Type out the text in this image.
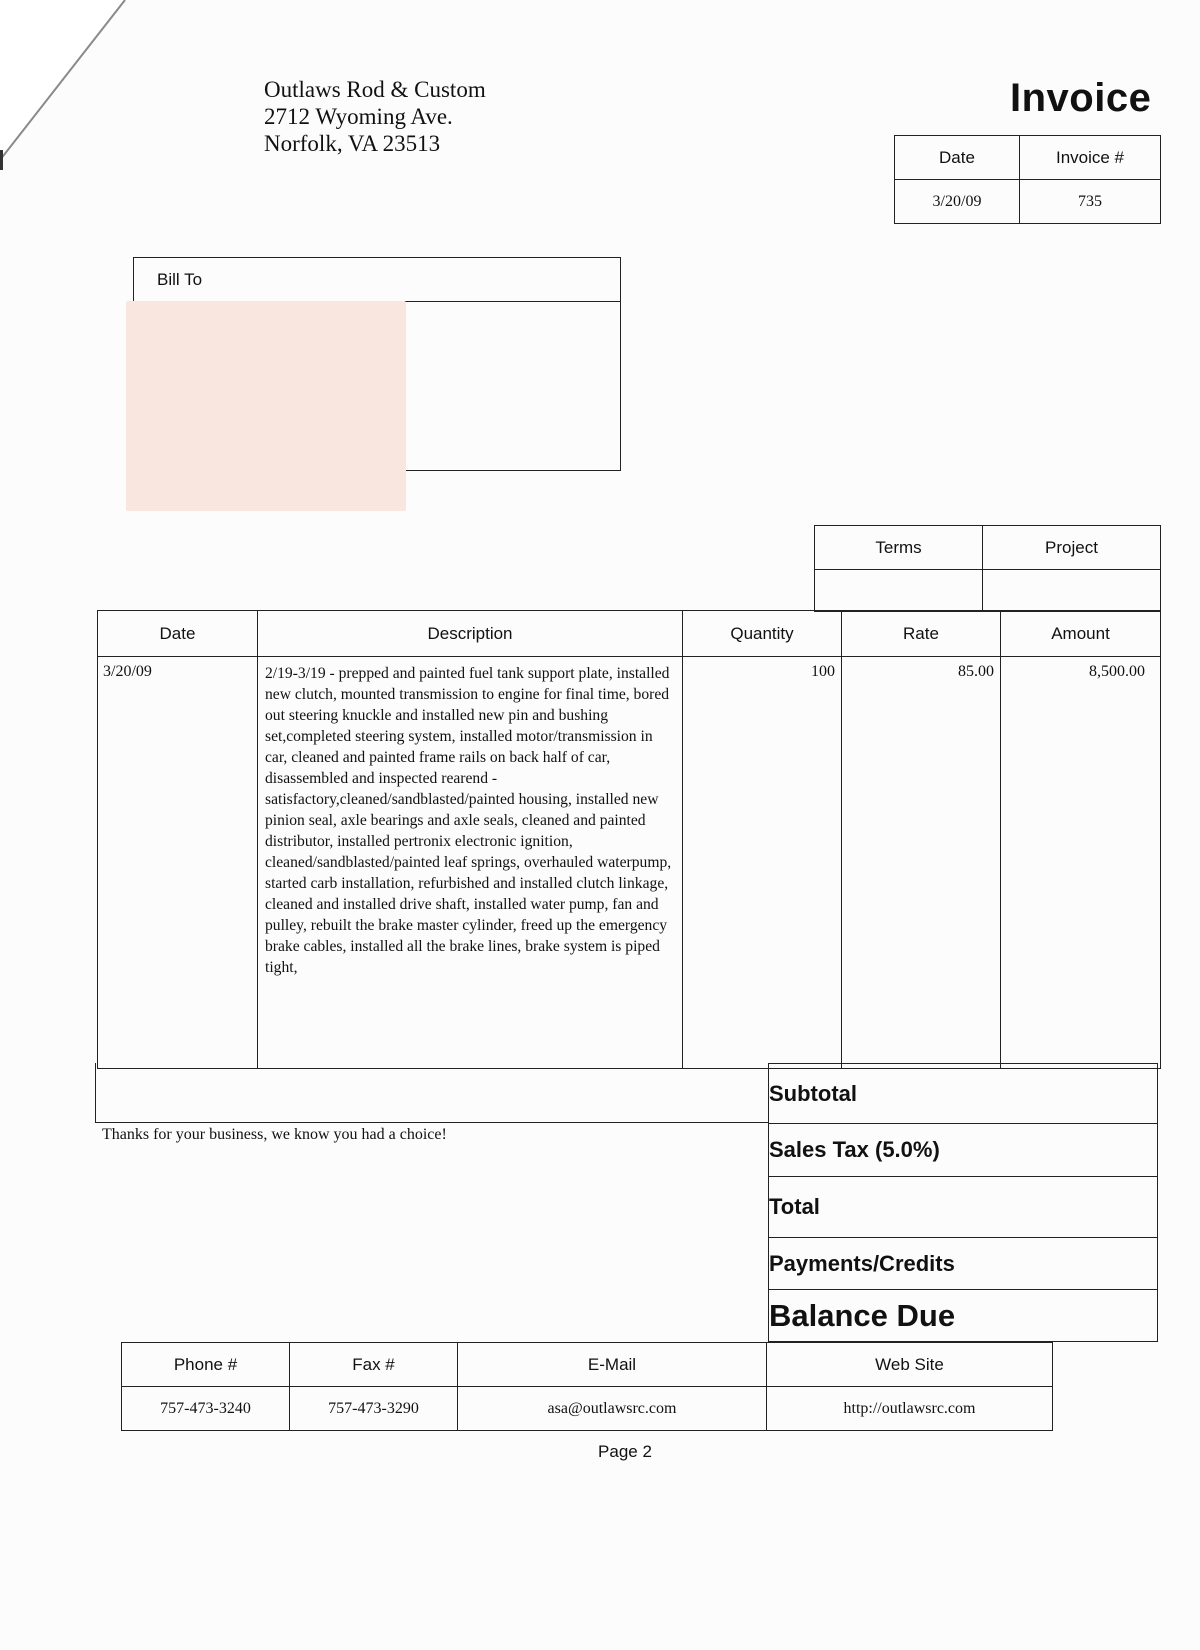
Outlaws Rod & Custom
2712 Wyoming Ave.
Norfolk, VA 23513
Invoice
Date	Invoice #
3/20/09	735
Bill To
Terms	Project

Date	Description	Quantity	Rate	Amount
3/20/09	2/19-3/19 - prepped and painted fuel tank support plate, installed new clutch, mounted transmission to engine for final time, bored out steering knuckle and installed new pin and bushing set,completed steering system, installed motor/transmission in car, cleaned and painted frame rails on back half of car, disassembled and inspected rearend - satisfactory,cleaned/sandblasted/painted housing, installed new pinion seal, axle bearings and axle seals, cleaned and painted distributor, installed pertronix electronic ignition, cleaned/sandblasted/painted leaf springs, overhauled waterpump, started carb installation, refurbished and installed clutch linkage, cleaned and installed drive shaft, installed water pump, fan and pulley, rebuilt the brake master cylinder, freed up the emergency brake cables, installed all the brake lines, brake system is piped tight,	100	85.00	8,500.00
Thanks for your business, we know you had a choice!
Subtotal
Sales Tax (5.0%)
Total
Payments/Credits
Balance Due
Phone #	Fax #	E-Mail	Web Site
757-473-3240	757-473-3290	asa@outlawsrc.com	http://outlawsrc.com
Page 2
